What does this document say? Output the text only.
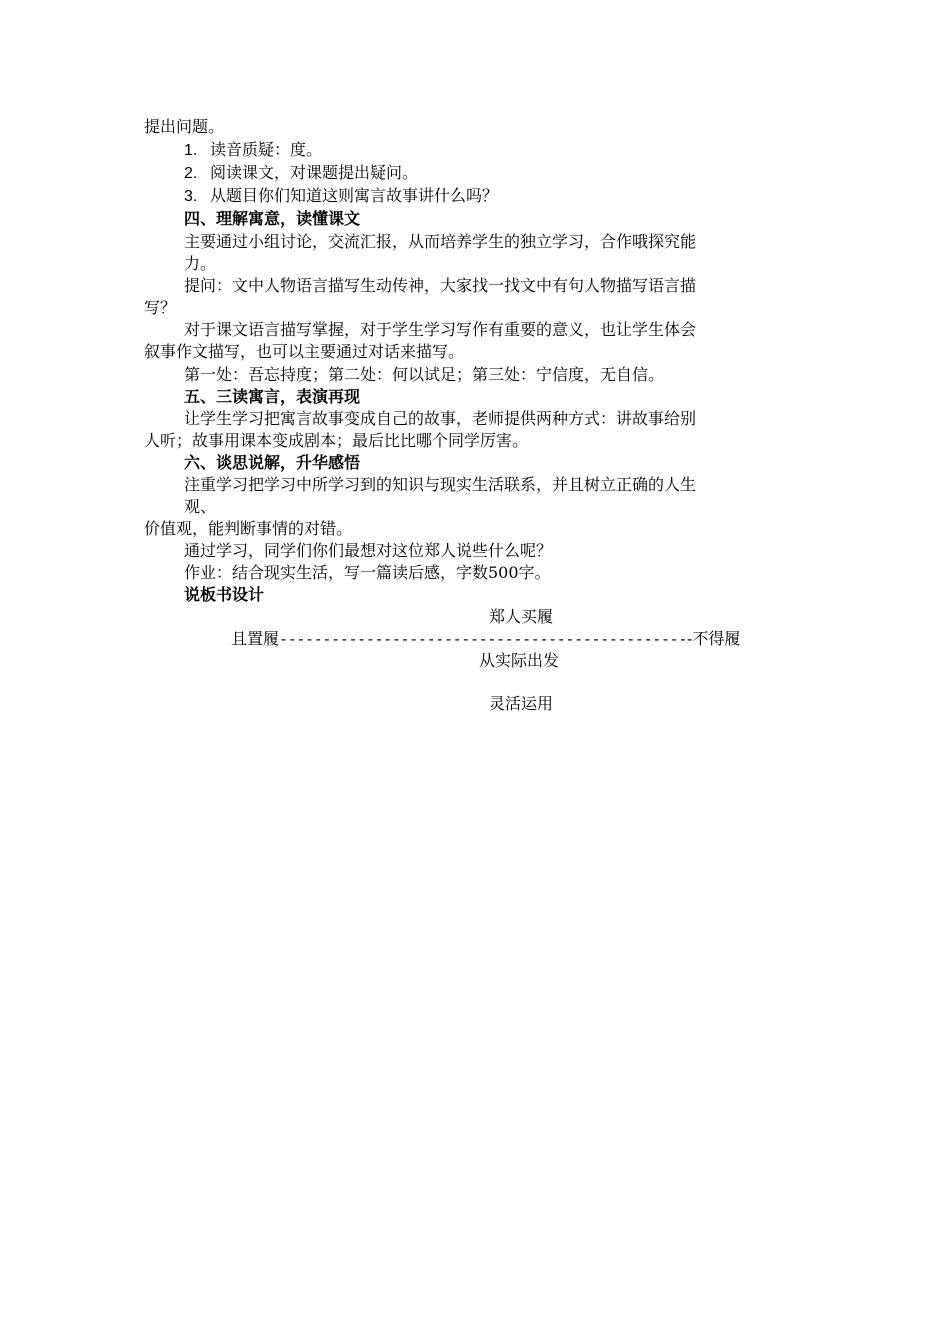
提出问题。
1. 读音质疑：度。
2. 阅读课文，对课题提出疑问。
3. 从题目你们知道这则寓言故事讲什么吗？
四、理解寓意，读懂课文
主要通过小组讨论，交流汇报，从而培养学生的独立学习，合作哦探究能
力。
提问：文中人物语言描写生动传神，大家找一找文中有句人物描写语言描
写？
对于课文语言描写掌握，对于学生学习写作有重要的意义，也让学生体会
叙事作文描写，也可以主要通过对话来描写。
第一处：吾忘持度；第二处：何以试足；第三处：宁信度，无自信。
五、三读寓言，表演再现
让学生学习把寓言故事变成自己的故事，老师提供两种方式：讲故事给别
人听；故事用课本变成剧本；最后比比哪个同学厉害。
六、谈思说解，升华感悟
注重学习把学习中所学习到的知识与现实生活联系，并且树立正确的人生
观、
价值观，能判断事情的对错。
通过学习，同学们你们最想对这位郑人说些什么呢？
作业：结合现实生活，写一篇读后感，字数500字。
说板书设计
郑人买履
且置履------------------------------------------------不得履
从实际出发
灵活运用
